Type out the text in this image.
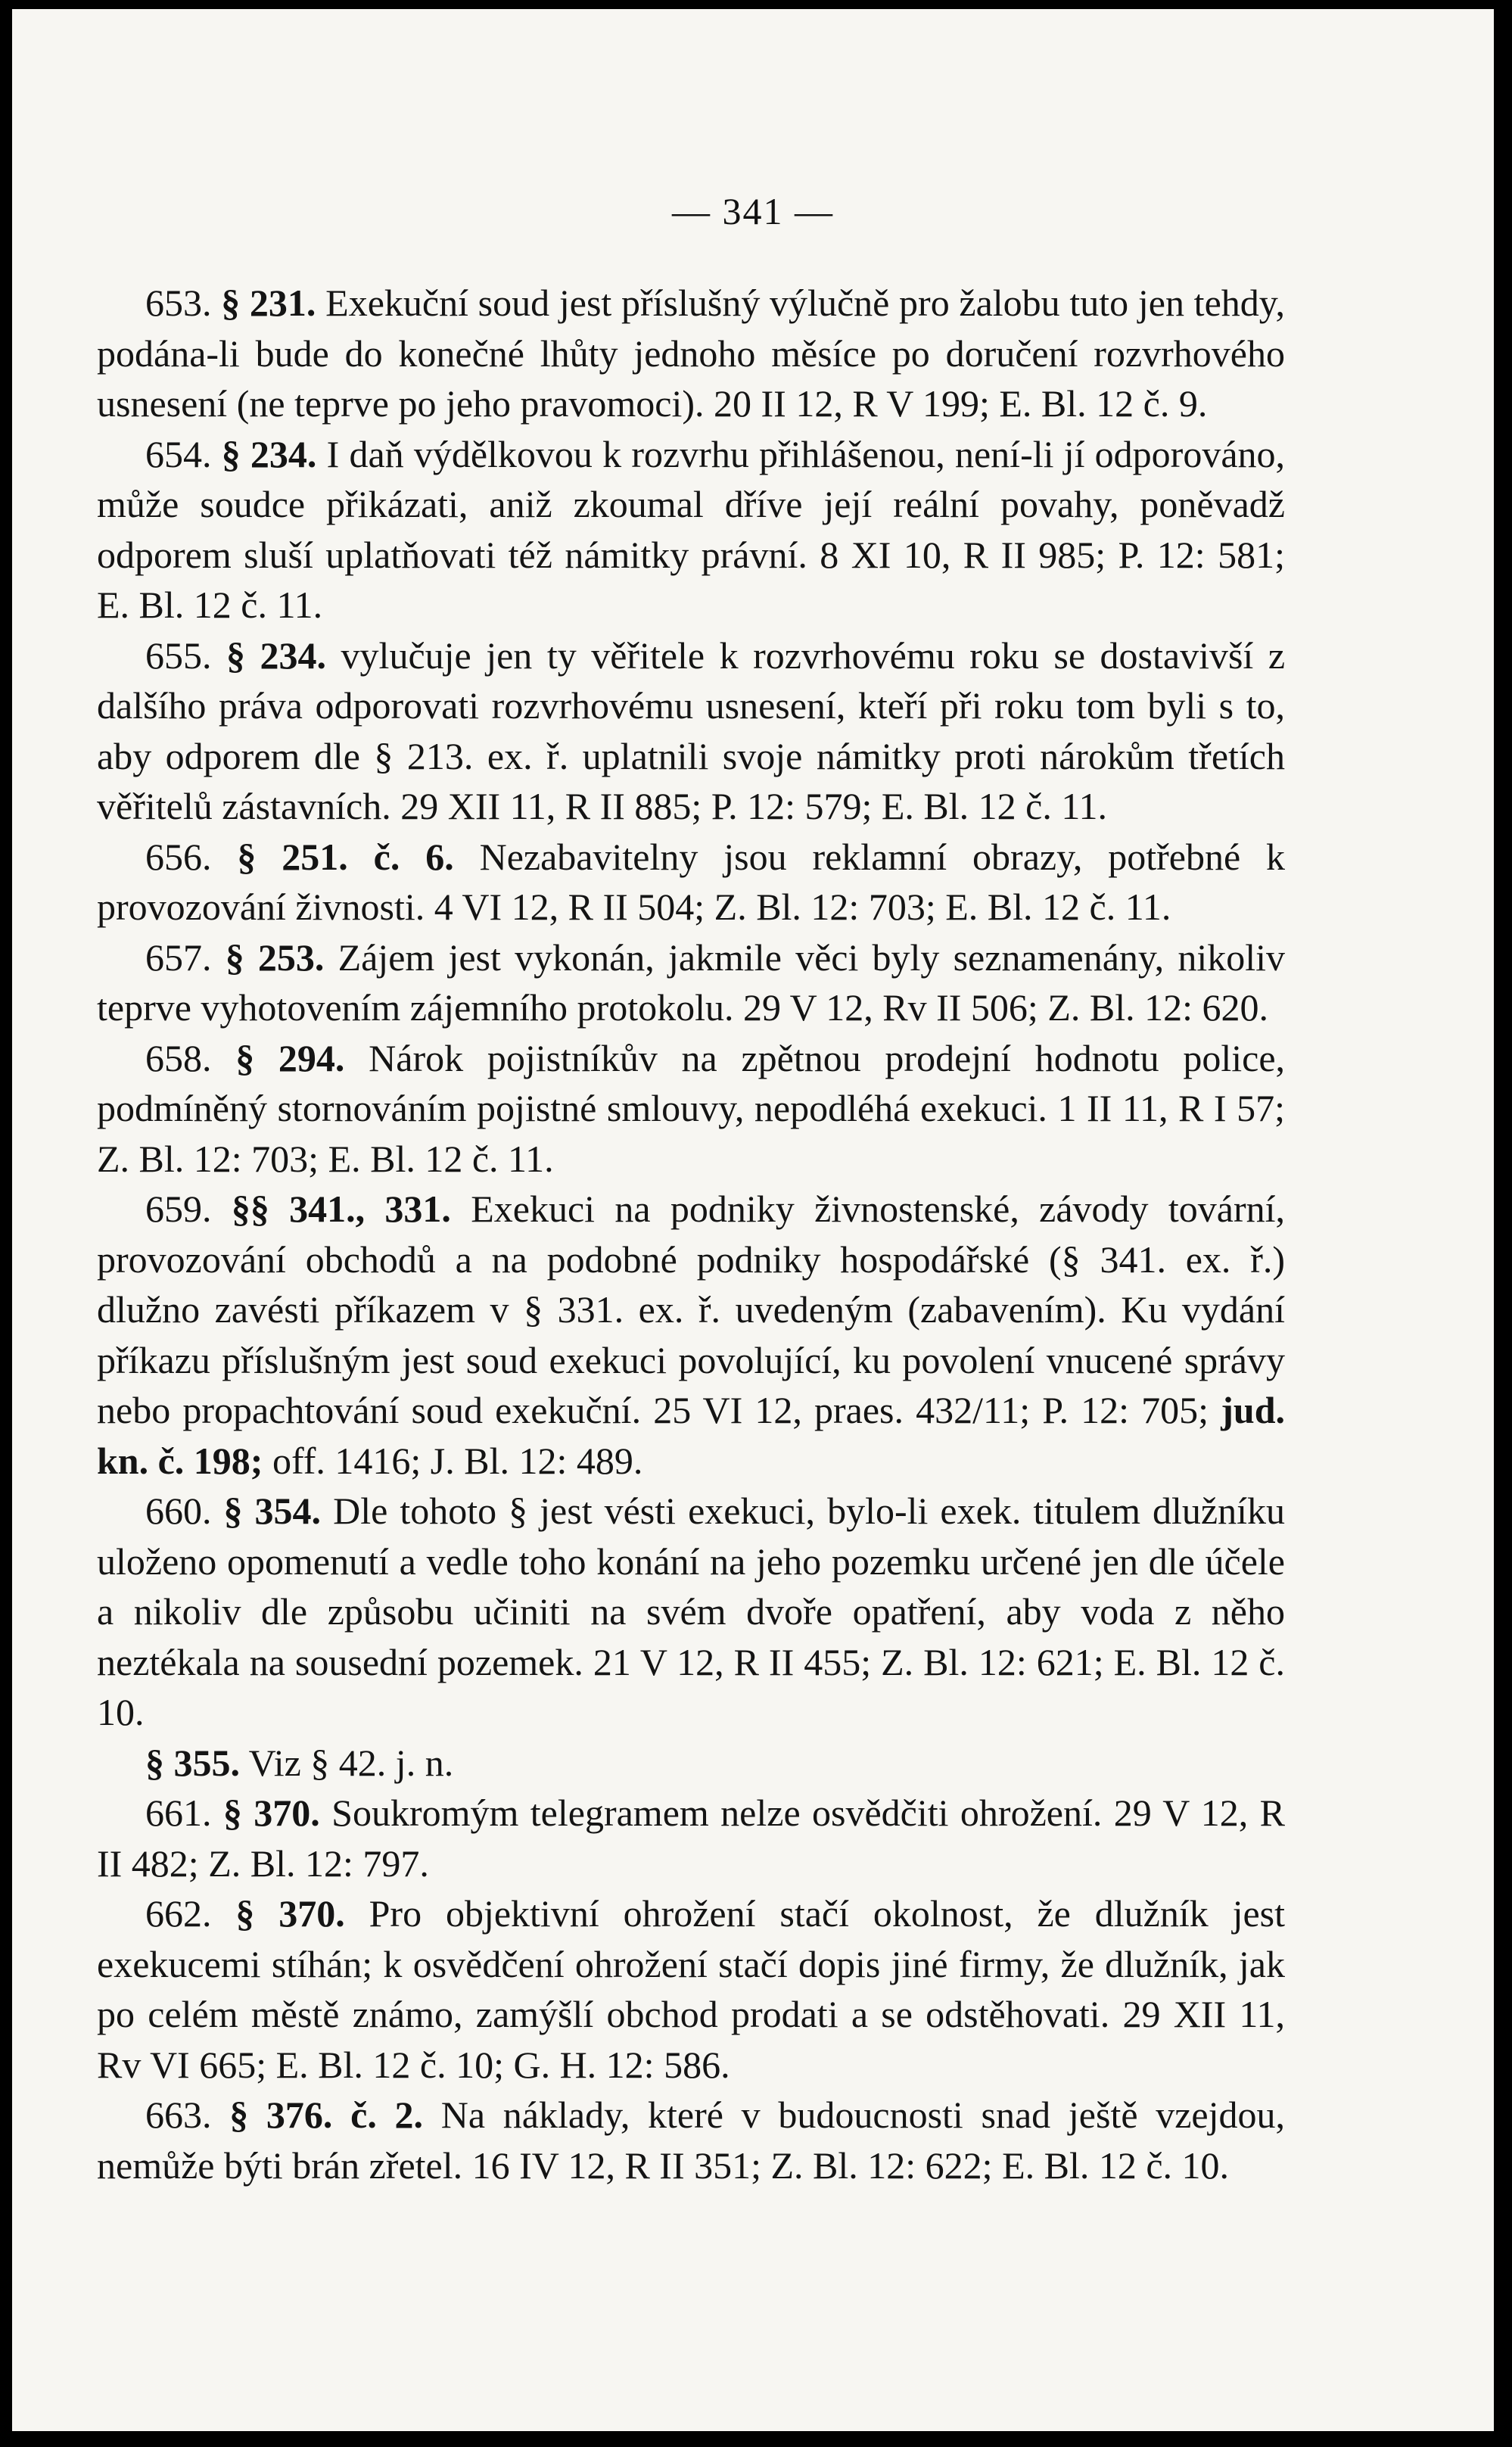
— 341 —

653. § 231. Exekuční soud jest příslušný výlučně pro žalobu tuto jen tehdy, podána-li bude do konečné lhůty jednoho měsíce po doručení rozvrhového usnesení (ne teprve po jeho pravomoci). 20 II 12, R V 199; E. Bl. 12 č. 9.

654. § 234. I daň výdělkovou k rozvrhu přihlášenou, není-li jí odporováno, může soudce přikázati, aniž zkoumal dříve její reální povahy, poněvadž odporem sluší uplatňovati též námitky právní. 8 XI 10, R II 985; P. 12: 581; E. Bl. 12 č. 11.

655. § 234. vylučuje jen ty věřitele k rozvrhovému roku se dostavivší z dalšího práva odporovati rozvrhovému usnesení, kteří při roku tom byli s to, aby odporem dle § 213. ex. ř. uplatnili svoje námitky proti nárokům třetích věřitelů zástavních. 29 XII 11, R II 885; P. 12: 579; E. Bl. 12 č. 11.

656. § 251. č. 6. Nezabavitelny jsou reklamní obrazy, potřebné k provozování živnosti. 4 VI 12, R II 504; Z. Bl. 12: 703; E. Bl. 12 č. 11.

657. § 253. Zájem jest vykonán, jakmile věci byly seznamenány, nikoliv teprve vyhotovením zájemního protokolu. 29 V 12, Rv II 506; Z. Bl. 12: 620.

658. § 294. Nárok pojistníkův na zpětnou prodejní hodnotu police, podmíněný stornováním pojistné smlouvy, nepodléhá exekuci. 1 II 11, R I 57; Z. Bl. 12: 703; E. Bl. 12 č. 11.

659. §§ 341., 331. Exekuci na podniky živnostenské, závody tovární, provozování obchodů a na podobné podniky hospodářské (§ 341. ex. ř.) dlužno zavésti příkazem v § 331. ex. ř. uvedeným (zabavením). Ku vydání příkazu příslušným jest soud exekuci povolující, ku povolení vnucené správy nebo propachtování soud exekuční. 25 VI 12, praes. 432/11; P. 12: 705; jud. kn. č. 198; off. 1416; J. Bl. 12: 489.

660. § 354. Dle tohoto § jest vésti exekuci, bylo-li exek. titulem dlužníku uloženo opomenutí a vedle toho konání na jeho pozemku určené jen dle účele a nikoliv dle způsobu učiniti na svém dvoře opatření, aby voda z něho neztékala na sousední pozemek. 21 V 12, R II 455; Z. Bl. 12: 621; E. Bl. 12 č. 10.

§ 355. Viz § 42. j. n.

661. § 370. Soukromým telegramem nelze osvědčiti ohrožení. 29 V 12, R II 482; Z. Bl. 12: 797.

662. § 370. Pro objektivní ohrožení stačí okolnost, že dlužník jest exekucemi stíhán; k osvědčení ohrožení stačí dopis jiné firmy, že dlužník, jak po celém městě známo, zamýšlí obchod prodati a se odstěhovati. 29 XII 11, Rv VI 665; E. Bl. 12 č. 10; G. H. 12: 586.

663. § 376. č. 2. Na náklady, které v budoucnosti snad ještě vzejdou, nemůže býti brán zřetel. 16 IV 12, R II 351; Z. Bl. 12: 622; E. Bl. 12 č. 10.
